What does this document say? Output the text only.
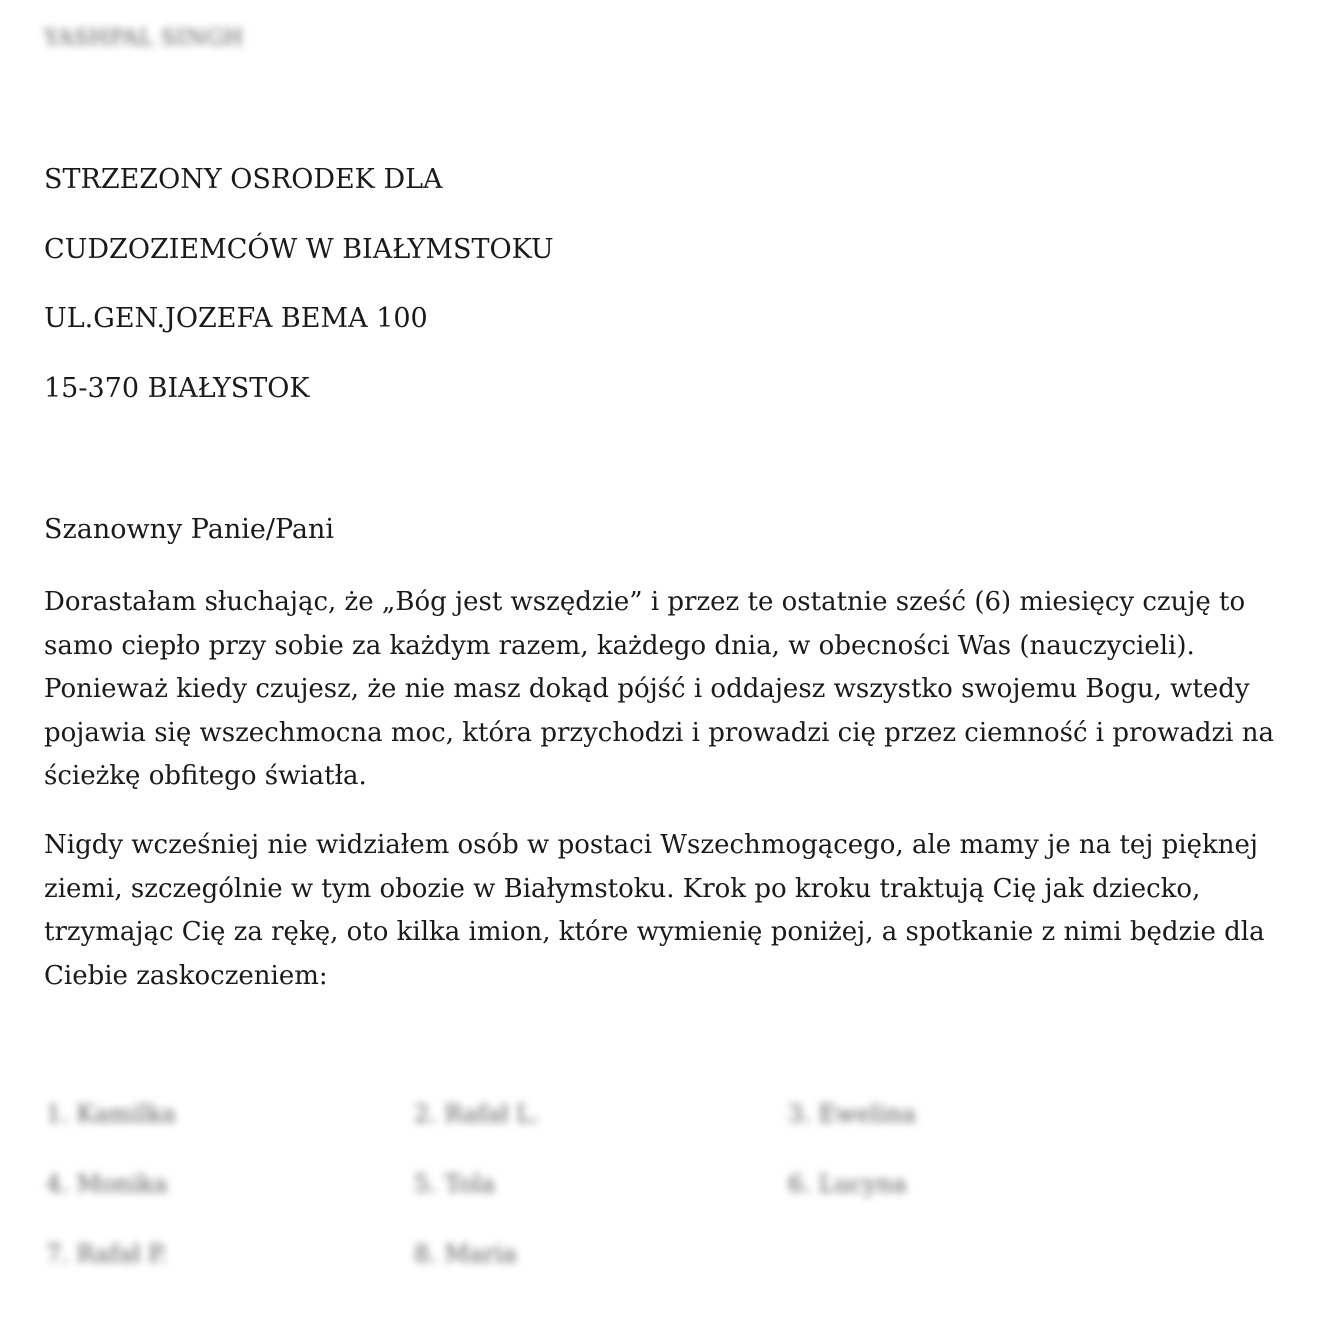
YASHPAL SINGH
STRZEZONY OSRODEK DLA
CUDZOZIEMCÓW W BIAŁYMSTOKU
UL.GEN.JOZEFA BEMA 100
15-370 BIAŁYSTOK
Szanowny Panie/Pani

Dorastałam słuchając, że „Bóg jest wszędzie” i przez te ostatnie sześć (6) miesięcy czuję to samo ciepło przy sobie za każdym razem, każdego dnia, w obecności Was (nauczycieli). Ponieważ kiedy czujesz, że nie masz dokąd pójść i oddajesz wszystko swojemu Bogu, wtedy pojawia się wszechmocna moc, która przychodzi i prowadzi cię przez ciemność i prowadzi na ścieżkę obfitego światła.

Nigdy wcześniej nie widziałem osób w postaci Wszechmogącego, ale mamy je na tej pięknej ziemi, szczególnie w tym obozie w Białymstoku. Krok po kroku traktują Cię jak dziecko, trzymając Cię za rękę, oto kilka imion, które wymienię poniżej, a spotkanie z nimi będzie dla Ciebie zaskoczeniem:

1. Kamilka	2. Rafał L.	3. Ewelina
4. Monika	5. Tola	6. Lucyna
7. Rafał P.	8. Maria
